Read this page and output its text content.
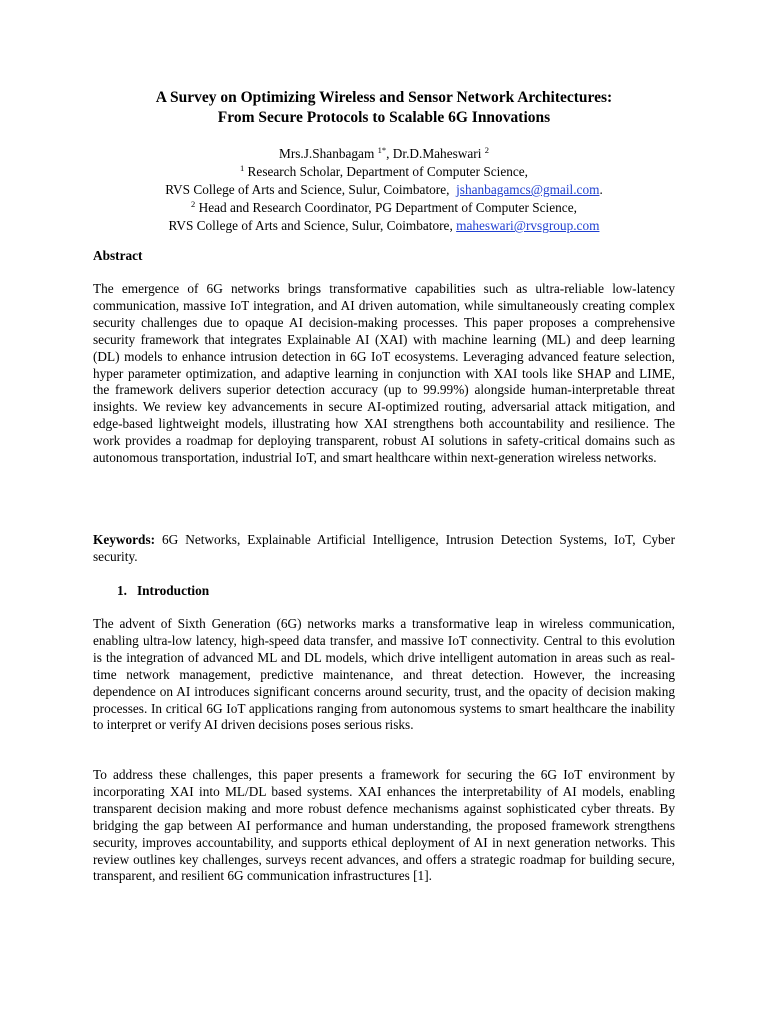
A Survey on Optimizing Wireless and Sensor Network Architectures:
From Secure Protocols to Scalable 6G Innovations
Mrs.J.Shanbagam $^{1*}$, Dr.D.Maheswari $^2$
$^1$ Research Scholar, Department of Computer Science,
RVS College of Arts and Science, Sulur, Coimbatore,  jshanbagamcs@gmail.com.
$^2$ Head and Research Coordinator, PG Department of Computer Science,
RVS College of Arts and Science, Sulur, Coimbatore, maheswari@rvsgroup.com
Abstract
The emergence of 6G networks brings transformative capabilities such as ultra-reliable low-latency communication, massive IoT integration, and AI driven automation, while simultaneously creating complex security challenges due to opaque AI decision-making processes. This paper proposes a comprehensive security framework that integrates Explainable AI (XAI) with machine learning (ML) and deep learning (DL) models to enhance intrusion detection in 6G IoT ecosystems. Leveraging advanced feature selection, hyper parameter optimization, and adaptive learning in conjunction with XAI tools like SHAP and LIME, the framework delivers superior detection accuracy (up to 99.99%) alongside human-interpretable threat insights. We review key advancements in secure AI-optimized routing, adversarial attack mitigation, and edge-based lightweight models, illustrating how XAI strengthens both accountability and resilience. The work provides a roadmap for deploying transparent, robust AI solutions in safety-critical domains such as autonomous transportation, industrial IoT, and smart healthcare within next-generation wireless networks.
Keywords: 6G Networks, Explainable Artificial Intelligence, Intrusion Detection Systems, IoT, Cyber security.
1. Introduction
The advent of Sixth Generation (6G) networks marks a transformative leap in wireless communication, enabling ultra-low latency, high-speed data transfer, and massive IoT connectivity. Central to this evolution is the integration of advanced ML and DL models, which drive intelligent automation in areas such as real-time network management, predictive maintenance, and threat detection. However, the increasing dependence on AI introduces significant concerns around security, trust, and the opacity of decision making processes. In critical 6G IoT applications ranging from autonomous systems to smart healthcare the inability to interpret or verify AI driven decisions poses serious risks.
To address these challenges, this paper presents a framework for securing the 6G IoT environment by incorporating XAI into ML/DL based systems. XAI enhances the interpretability of AI models, enabling transparent decision making and more robust defence mechanisms against sophisticated cyber threats. By bridging the gap between AI performance and human understanding, the proposed framework strengthens security, improves accountability, and supports ethical deployment of AI in next generation networks. This review outlines key challenges, surveys recent advances, and offers a strategic roadmap for building secure, transparent, and resilient 6G communication infrastructures [1].
